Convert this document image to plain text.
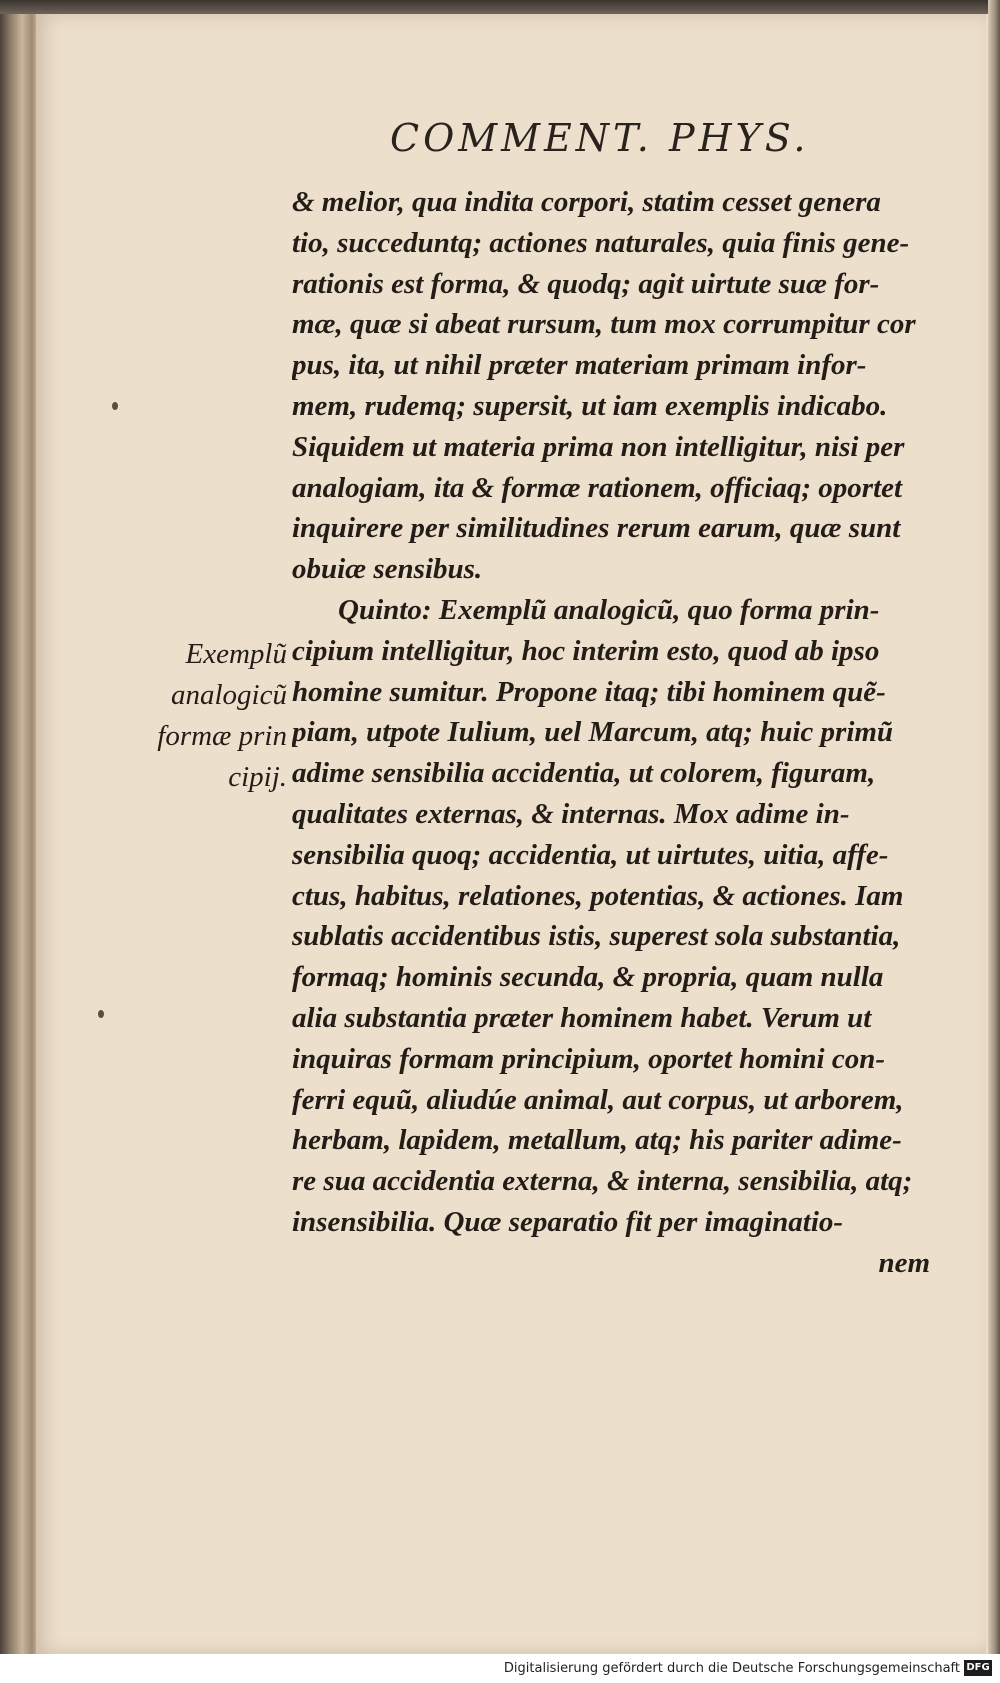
COMMENT. PHYS.
Exemplũ
analogicũ
formæ prin
cipij.
& melior, qua indita corpori, statim cesset genera
tio, succeduntq; actiones naturales, quia finis gene-
rationis est forma, & quodq; agit uirtute suæ for-
mæ, quæ si abeat rursum, tum mox corrumpitur cor
pus, ita, ut nihil præter materiam primam infor-
mem, rudemq; supersit, ut iam exemplis indicabo.
Siquidem ut materia prima non intelligitur, nisi per
analogiam, ita & formæ rationem, officiaq; oportet
inquirere per similitudines rerum earum, quæ sunt
obuiæ sensibus.
Quinto: Exemplũ analogicũ, quo forma prin-
cipium intelligitur, hoc interim esto, quod ab ipso
homine sumitur. Propone itaq; tibi hominem quẽ-
piam, utpote Iulium, uel Marcum, atq; huic primũ
adime sensibilia accidentia, ut colorem, figuram,
qualitates externas, & internas. Mox adime in-
sensibilia quoq; accidentia, ut uirtutes, uitia, affe-
ctus, habitus, relationes, potentias, & actiones. Iam
sublatis accidentibus istis, superest sola substantia,
formaq; hominis secunda, & propria, quam nulla
alia substantia præter hominem habet. Verum ut
inquiras formam principium, oportet homini con-
ferri equũ, aliudúe animal, aut corpus, ut arborem,
herbam, lapidem, metallum, atq; his pariter adime-
re sua accidentia externa, & interna, sensibilia, atq;
insensibilia. Quæ separatio fit per imaginatio-
nem
Digitalisierung gefördert durch die Deutsche Forschungsgemeinschaft DFG
